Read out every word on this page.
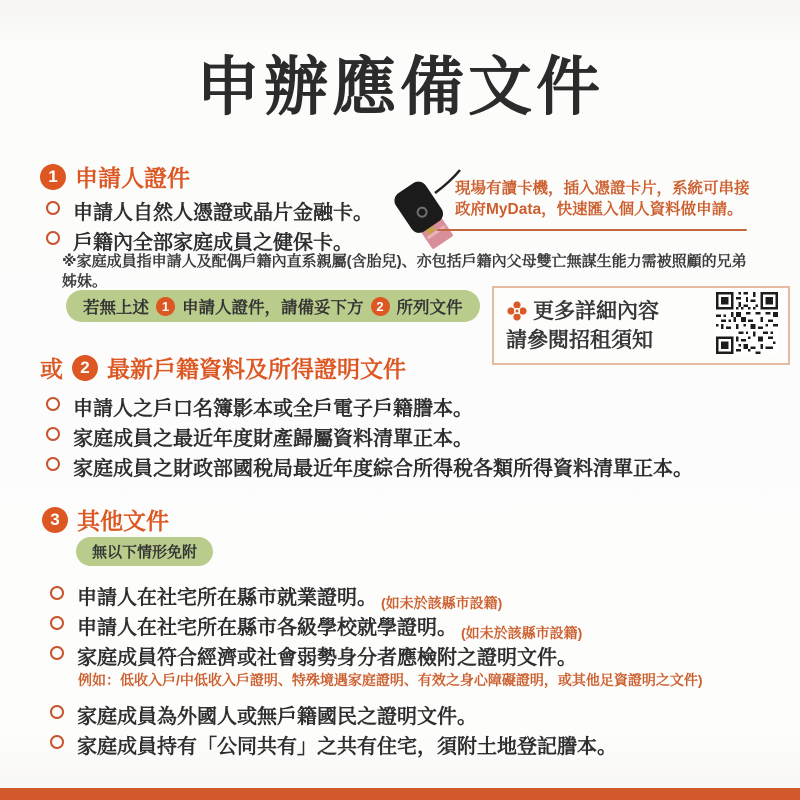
申辦應備文件
1 申請人證件
申請人自然人憑證或晶片金融卡。
戶籍內全部家庭成員之健保卡。
※家庭成員指申請人及配偶戶籍內直系親屬(含胎兒)、亦包括戶籍內父母雙亡無謀生能力需被照顧的兄弟姊妹。
現場有讀卡機，插入憑證卡片，系統可串接政府MyData，快速匯入個人資料做申請。
若無上述 1 申請人證件，請備妥下方 2 所列文件	更多詳細內容
請參閱招租須知
或	2 最新戶籍資料及所得證明文件
申請人之戶口名簿影本或全戶電子戶籍謄本。
家庭成員之最近年度財產歸屬資料清單正本。
家庭成員之財政部國稅局最近年度綜合所得稅各類所得資料清單正本。
3 其他文件
無以下情形免附
申請人在社宅所在縣市就業證明。 $_{(如未於該縣市設籍)}$
申請人在社宅所在縣市各級學校就學證明。 $_{(如未於該縣市設籍)}$
家庭成員符合經濟或社會弱勢身分者應檢附之證明文件。
例如：低收入戶/中低收入戶證明、特殊境遇家庭證明、有效之身心障礙證明，或其他足資證明之文件)
家庭成員為外國人或無戶籍國民之證明文件。
家庭成員持有「公同共有」之共有住宅，須附土地登記謄本。
